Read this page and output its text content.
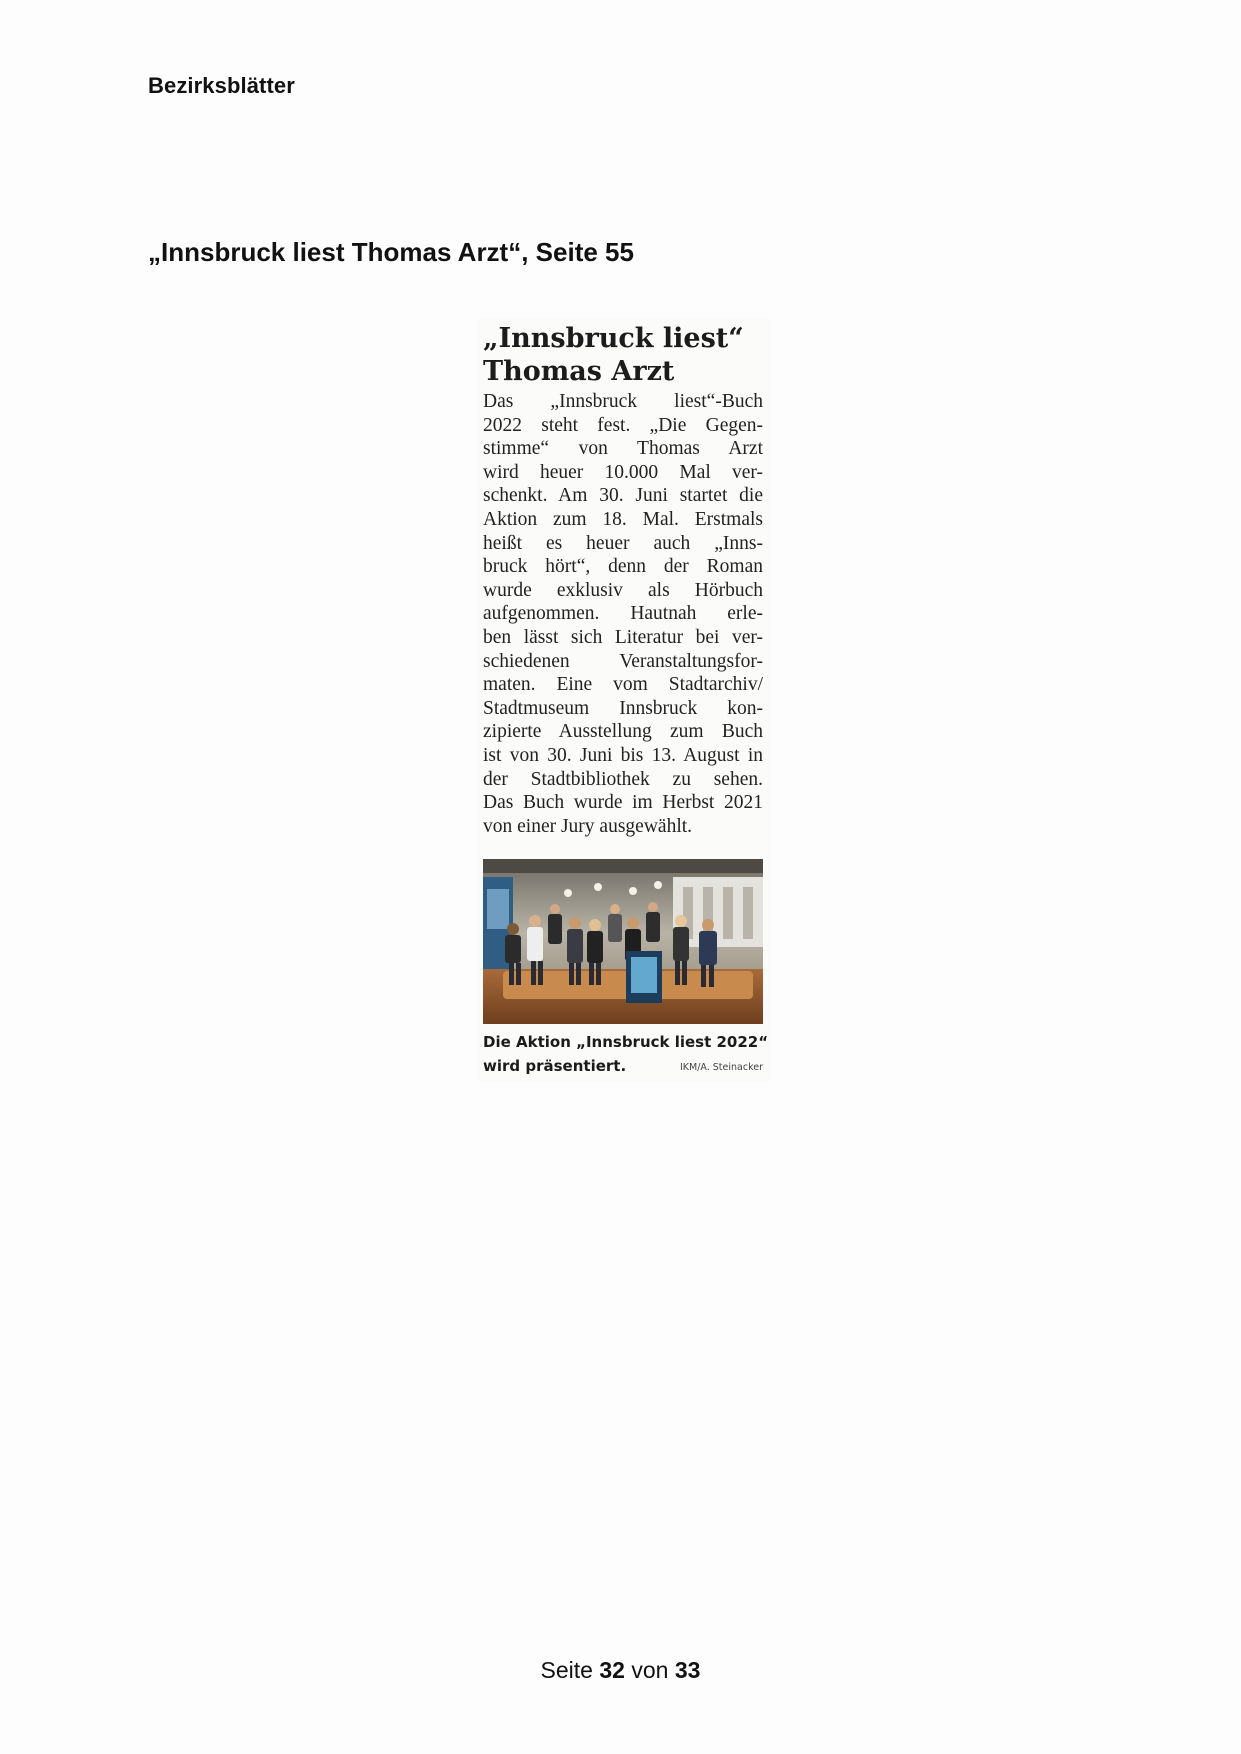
Bezirksblätter
„Innsbruck liest Thomas Arzt“, Seite 55
„Innsbruck liest“
Thomas Arzt
Das „Innsbruck liest“-Buch
2022 steht fest. „Die Gegen-
stimme“ von Thomas Arzt
wird heuer 10.000 Mal ver-
schenkt. Am 30. Juni startet die
Aktion zum 18. Mal. Erstmals
heißt es heuer auch „Inns-
bruck hört“, denn der Roman
wurde exklusiv als Hörbuch
aufgenommen. Hautnah erle-
ben lässt sich Literatur bei ver-
schiedenen Veranstaltungsfor-
maten. Eine vom Stadtarchiv/
Stadtmuseum Innsbruck kon-
zipierte Ausstellung zum Buch
ist von 30. Juni bis 13. August in
der Stadtbibliothek zu sehen.
Das Buch wurde im Herbst 2021
von einer Jury ausgewählt.
Die Aktion „Innsbruck liest 2022“
wird präsentiert.	IKM/A. Steinacker
Seite 32 von 33
